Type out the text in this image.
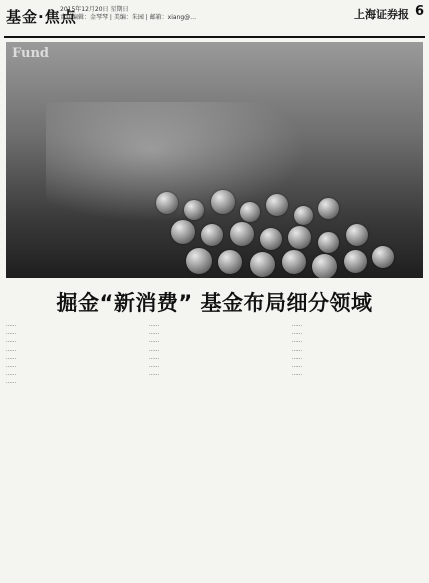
基金·焦点
2015年12月20日 星期日
责任编辑：金琴琴 | 美编：朱园 | 邮箱：xiang@…	上海证券报 6
Fund
掘金“新消费” 基金布局细分领域

……

……

……

……

……

……

……

……

……

……

……

……

……

……

……

……

……

……

……

……

……

……
